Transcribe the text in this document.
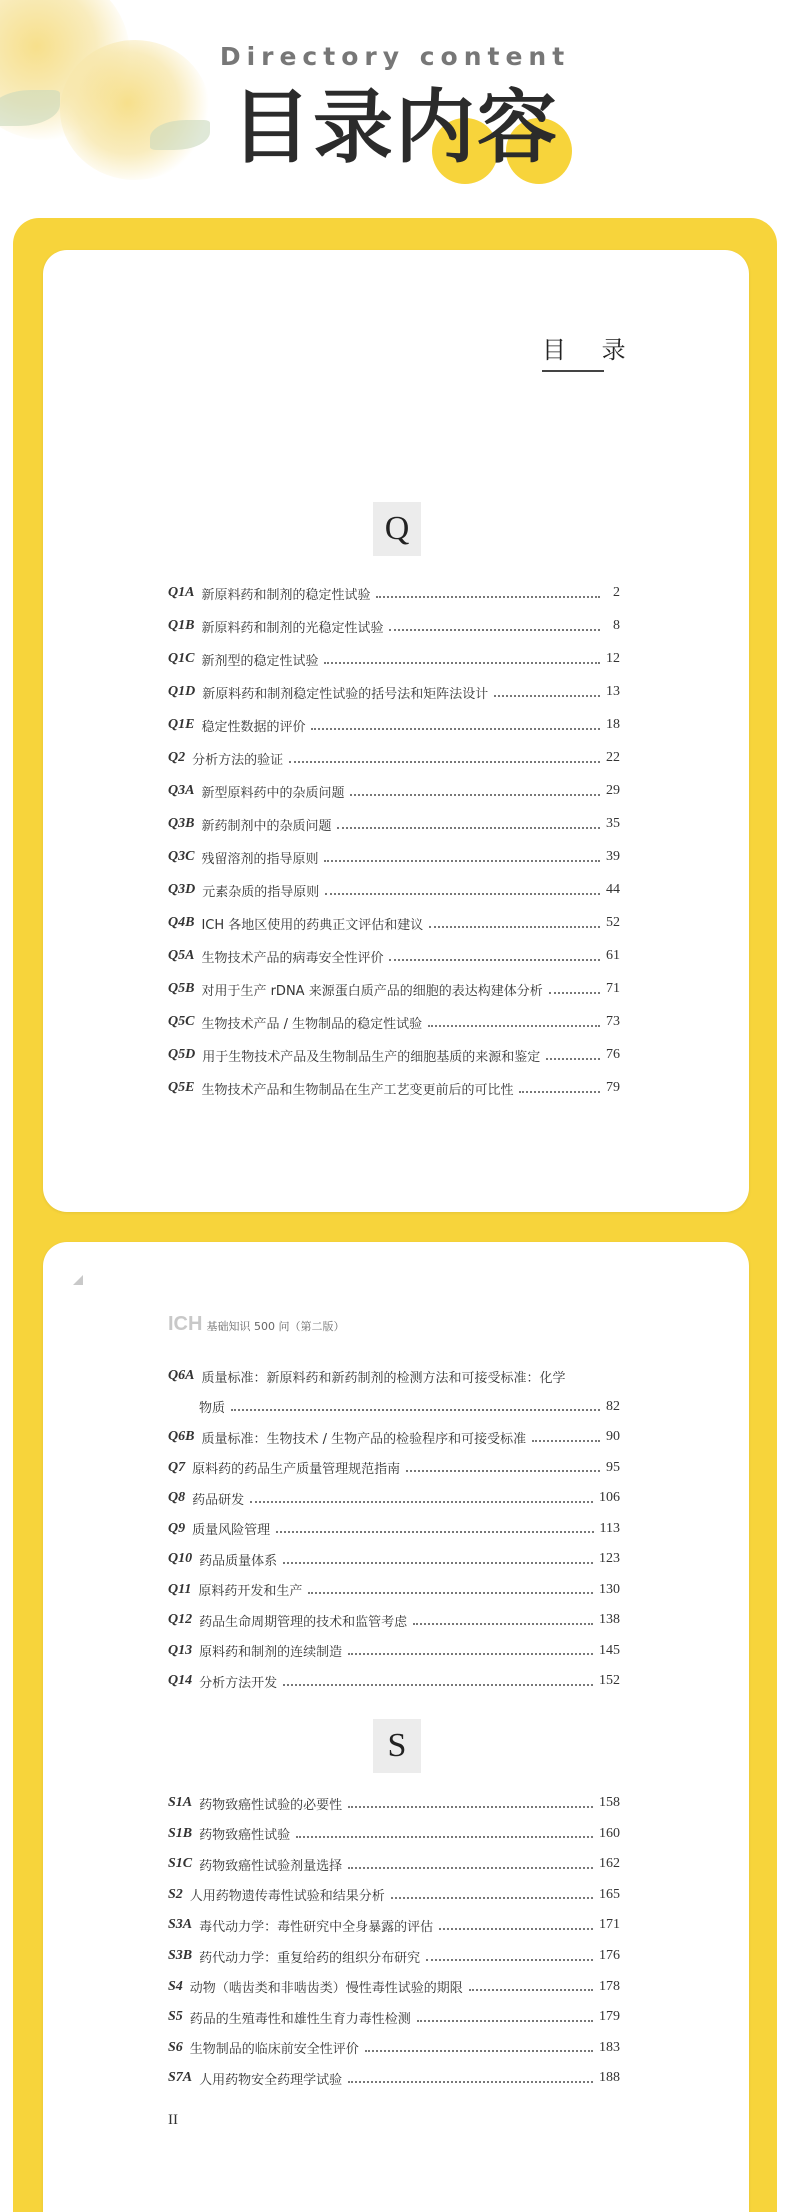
Directory content
目录内容
目 录
Q
Q1A 新原料药和制剂的稳定性试验	2
Q1B 新原料药和制剂的光稳定性试验	8
Q1C 新剂型的稳定性试验	12
Q1D 新原料药和制剂稳定性试验的括号法和矩阵法设计	13
Q1E 稳定性数据的评价	18
Q2 分析方法的验证	22
Q3A 新型原料药中的杂质问题	29
Q3B 新药制剂中的杂质问题	35
Q3C 残留溶剂的指导原则	39
Q3D 元素杂质的指导原则	44
Q4B ICH 各地区使用的药典正文评估和建议	52
Q5A 生物技术产品的病毒安全性评价	61
Q5B 对用于生产 rDNA 来源蛋白质产品的细胞的表达构建体分析	71
Q5C 生物技术产品 / 生物制品的稳定性试验	73
Q5D 用于生物技术产品及生物制品生产的细胞基质的来源和鉴定	76
Q5E 生物技术产品和生物制品在生产工艺变更前后的可比性	79
ICH 基础知识 500 问（第二版）
Q6A 质量标准：新原料药和新药制剂的检测方法和可接受标准：化学
物质	82
Q6B 质量标准：生物技术 / 生物产品的检验程序和可接受标准	90
Q7 原料药的药品生产质量管理规范指南	95
Q8 药品研发	106
Q9 质量风险管理	113
Q10 药品质量体系	123
Q11 原料药开发和生产	130
Q12 药品生命周期管理的技术和监管考虑	138
Q13 原料药和制剂的连续制造	145
Q14 分析方法开发	152
S
S1A 药物致癌性试验的必要性	158
S1B 药物致癌性试验	160
S1C 药物致癌性试验剂量选择	162
S2 人用药物遗传毒性试验和结果分析	165
S3A 毒代动力学：毒性研究中全身暴露的评估	171
S3B 药代动力学：重复给药的组织分布研究	176
S4 动物（啮齿类和非啮齿类）慢性毒性试验的期限	178
S5 药品的生殖毒性和雄性生育力毒性检测	179
S6 生物制品的临床前安全性评价	183
S7A 人用药物安全药理学试验	188
II
